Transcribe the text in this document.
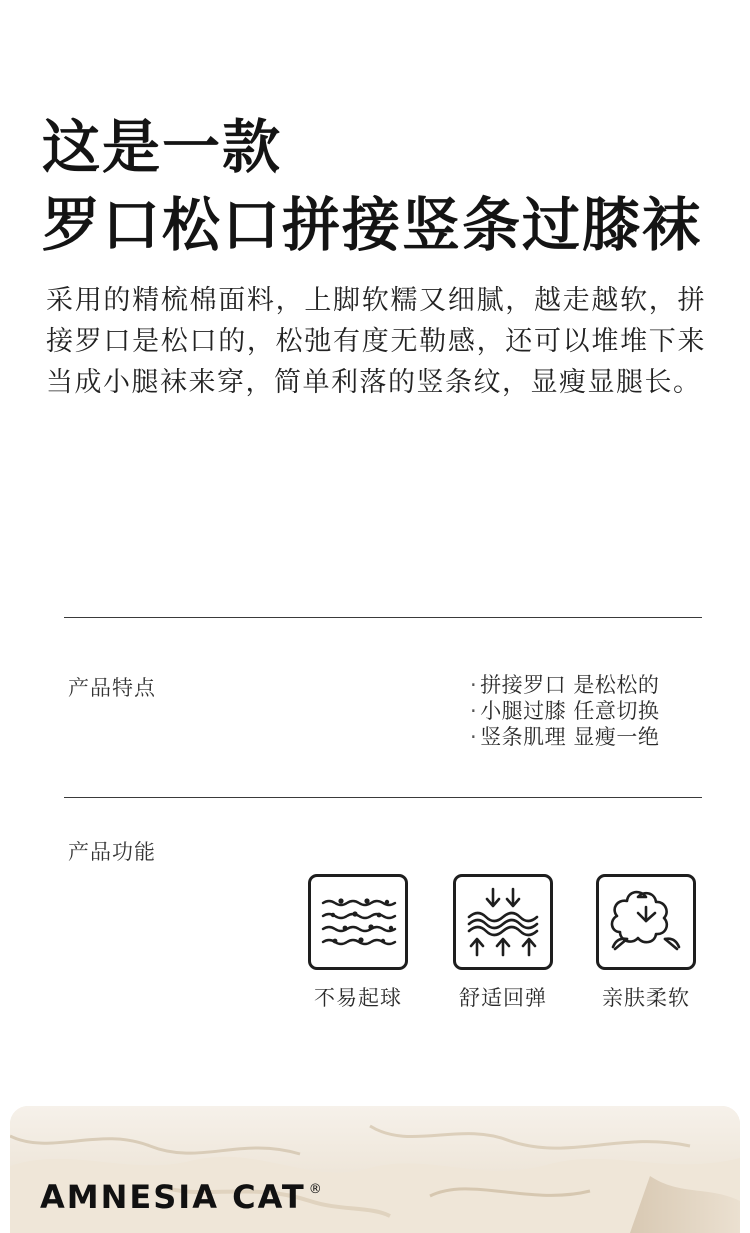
这是一款
罗口松口拼接竖条过膝袜
采用的精梳棉面料，上脚软糯又细腻，越走越软，拼接罗口是松口的，松弛有度无勒感，还可以堆堆下来当成小腿袜来穿，简单利落的竖条纹，显瘦显腿长。
产品特点	· 拼接罗口 是松松的
· 小腿过膝 任意切换
· 竖条肌理 显瘦一绝
产品功能
不易起球	舒适回弹	亲肤柔软
AMNESIA CAT ®
